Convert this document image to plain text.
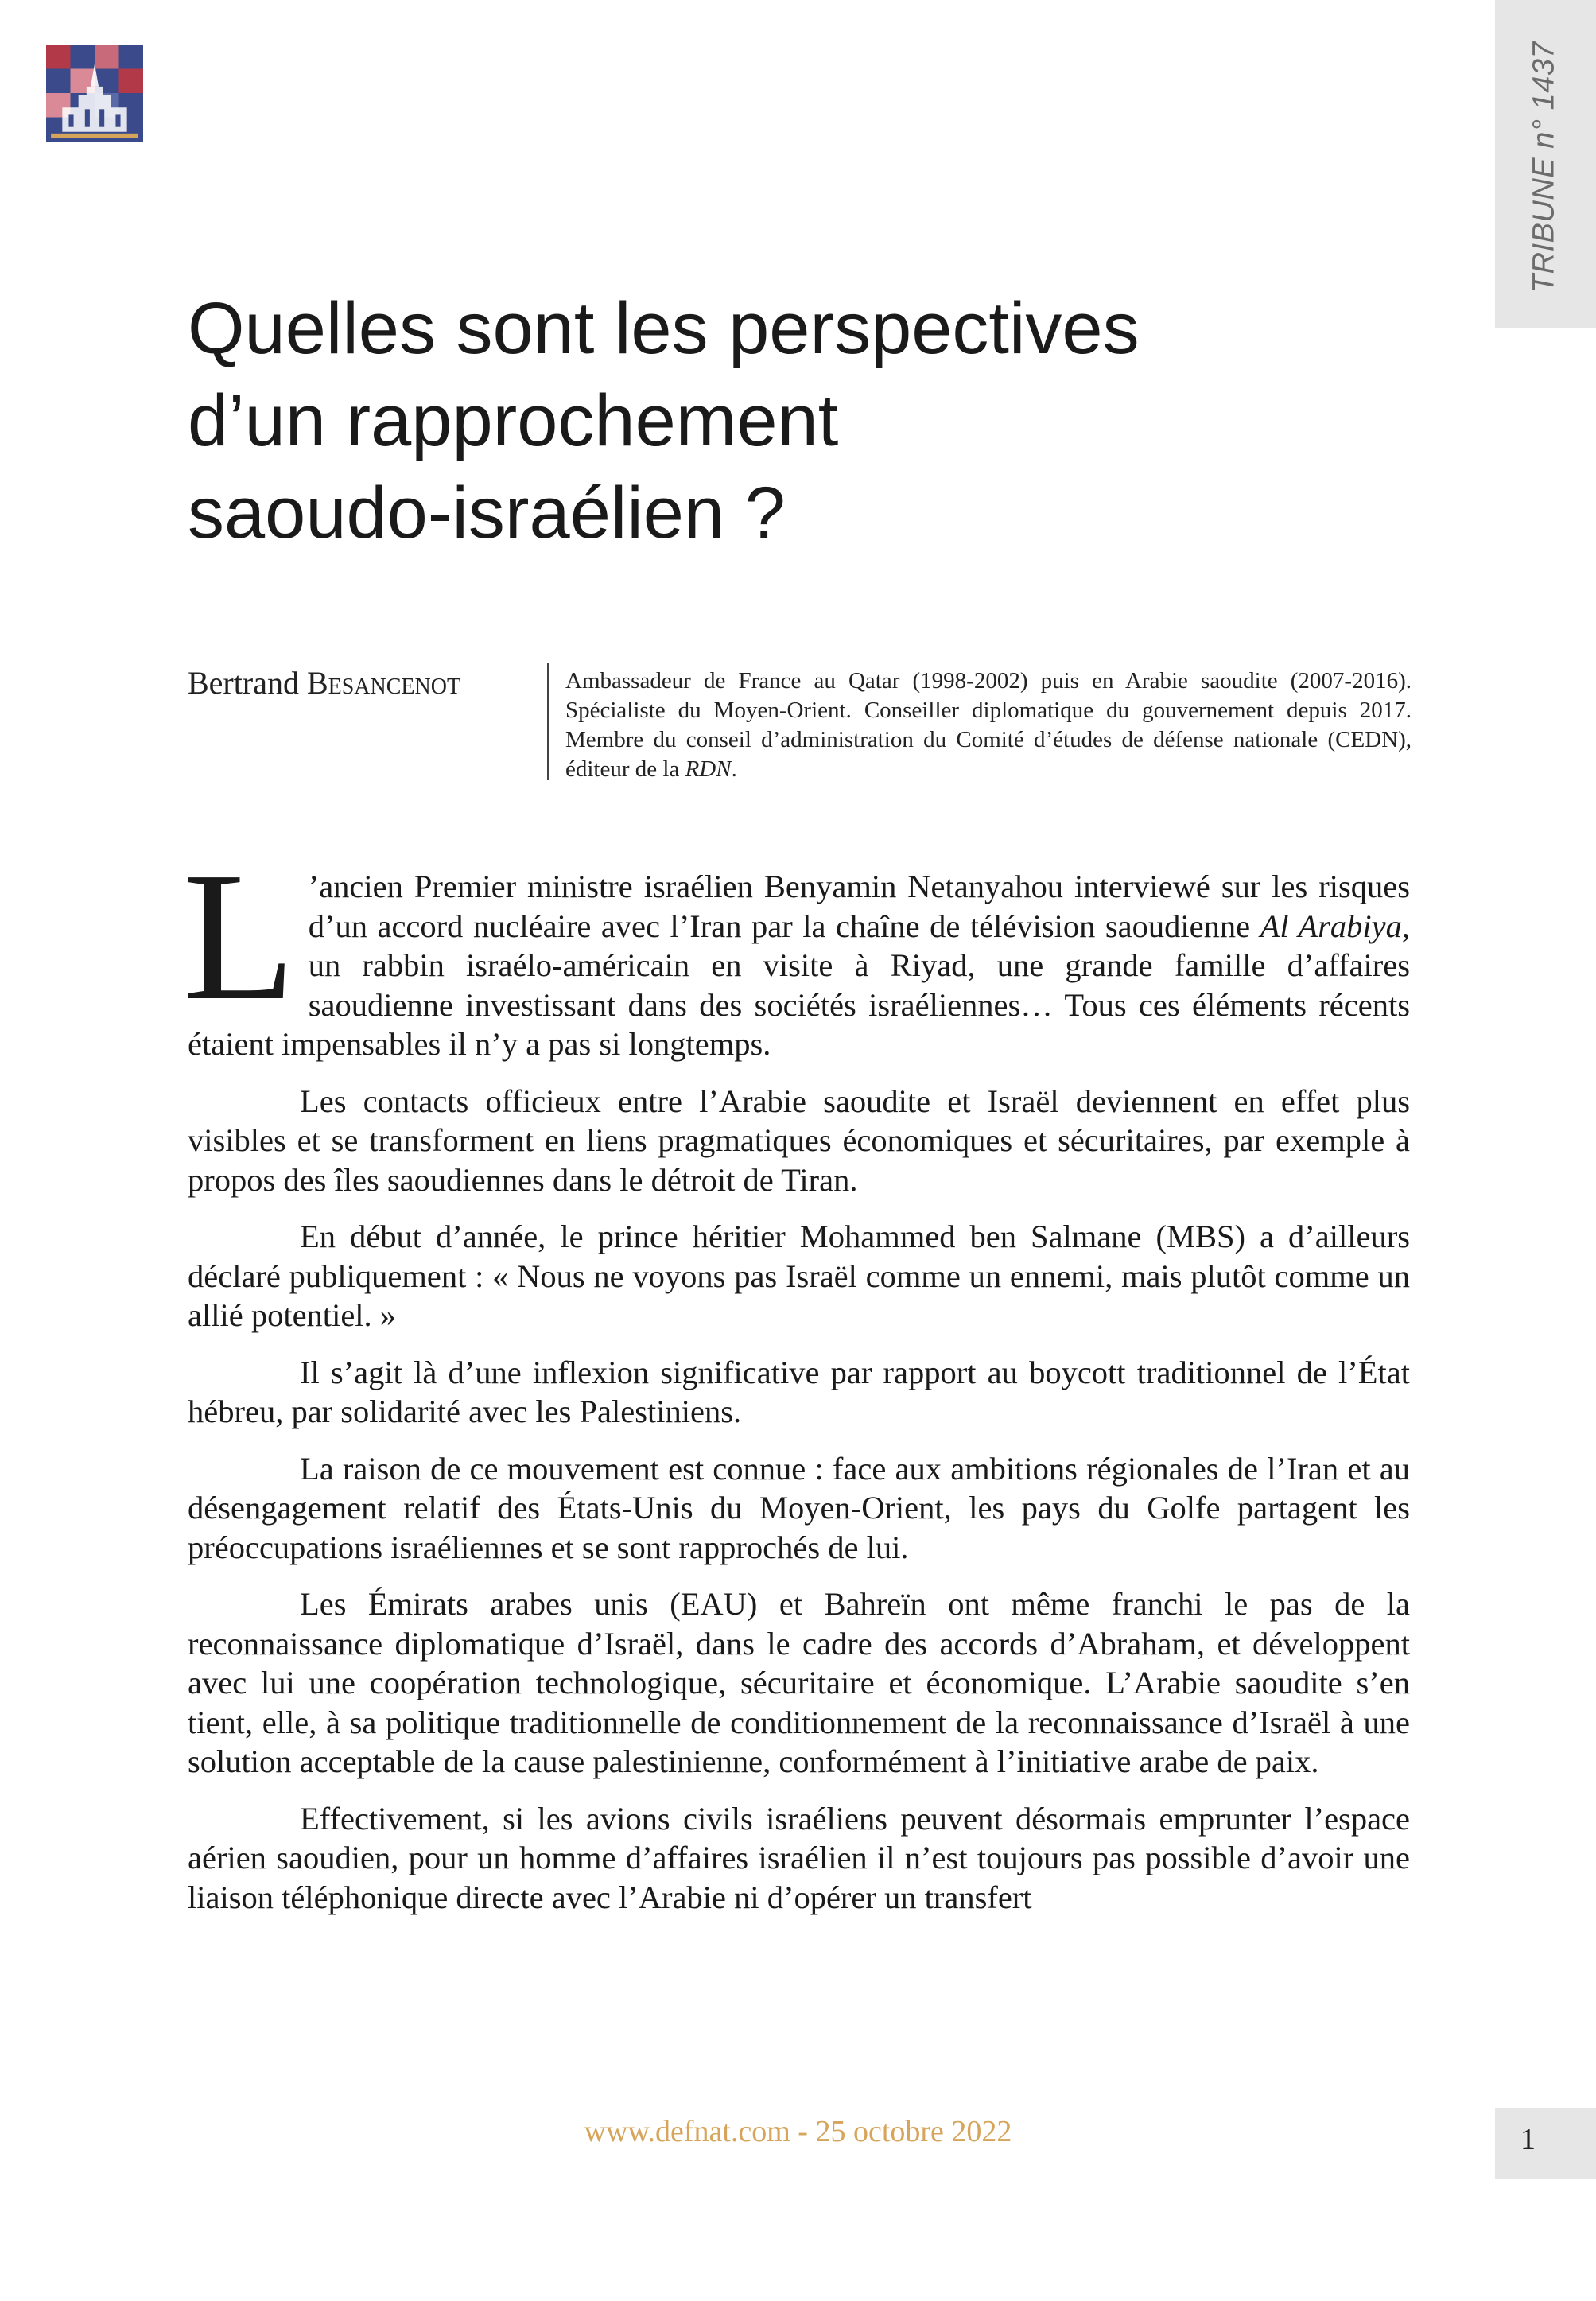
TRIBUNE n° 1437
Quelles sont les perspectives
d’un rapprochement
saoudo-israélien ?
Bertrand Besancenot	Ambassadeur de France au Qatar (1998-2002) puis en Arabie saoudite (2007-2016). Spécialiste du Moyen-Orient. Conseiller diplomatique du gouvernement depuis 2017. Membre du conseil d’administration du Comité d’études de défense nationale (CEDN), éditeur de la RDN.

L ’ancien Premier ministre israélien Benyamin Netanyahou interviewé sur les risques d’un accord nucléaire avec l’Iran par la chaîne de télévision saoudienne Al Arabiya, un rabbin israélo-américain en visite à Riyad, une grande famille d’affaires saoudienne investissant dans des sociétés israéliennes… Tous ces éléments récents étaient impensables il n’y a pas si longtemps.

Les contacts officieux entre l’Arabie saoudite et Israël deviennent en effet plus visibles et se transforment en liens pragmatiques économiques et sécuritaires, par exemple à propos des îles saoudiennes dans le détroit de Tiran.

En début d’année, le prince héritier Mohammed ben Salmane (MBS) a d’ailleurs déclaré publiquement : « Nous ne voyons pas Israël comme un ennemi, mais plutôt comme un allié potentiel. »

Il s’agit là d’une inflexion significative par rapport au boycott traditionnel de l’État hébreu, par solidarité avec les Palestiniens.

La raison de ce mouvement est connue : face aux ambitions régionales de l’Iran et au désengagement relatif des États-Unis du Moyen-Orient, les pays du Golfe partagent les préoccupations israéliennes et se sont rapprochés de lui.

Les Émirats arabes unis (EAU) et Bahreïn ont même franchi le pas de la reconnaissance diplomatique d’Israël, dans le cadre des accords d’Abraham, et développent avec lui une coopération technologique, sécuritaire et économique. L’Arabie saoudite s’en tient, elle, à sa politique traditionnelle de conditionnement de la reconnaissance d’Israël à une solution acceptable de la cause palestinienne, conformément à l’initiative arabe de paix.

Effectivement, si les avions civils israéliens peuvent désormais emprunter l’espace aérien saoudien, pour un homme d’affaires israélien il n’est toujours pas possible d’avoir une liaison téléphonique directe avec l’Arabie ni d’opérer un transfert

www.defnat.com - 25 octobre 2022	1
